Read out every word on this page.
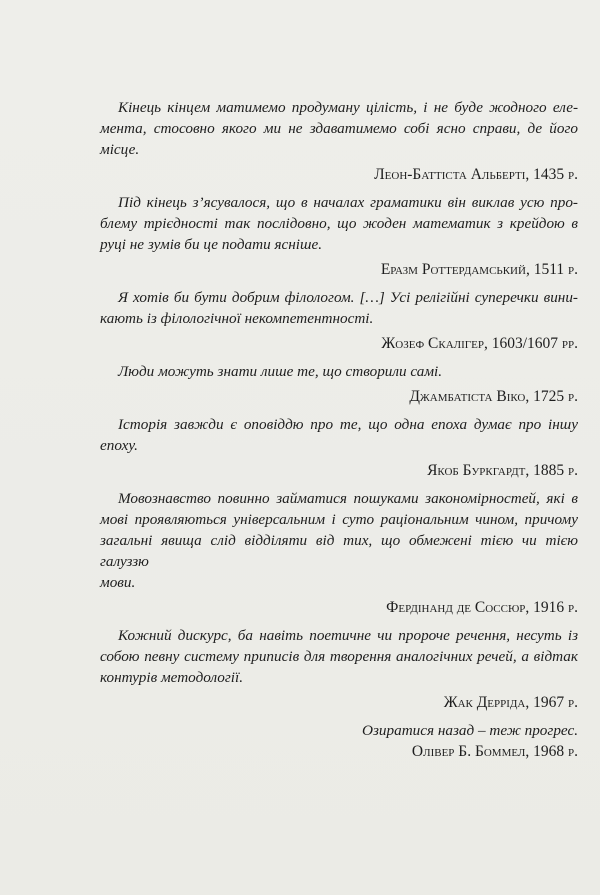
Кінець кінцем матимемо продуману цілість, і не буде жодного еле-
мента, стосовно якого ми не здаватимемо собі ясно справи, де його
місце.
Леон-Баттіста Альберті, 1435 р.
Під кінець з’ясувалося, що в началах граматики він виклав усю про-
блему трієдності так послідовно, що жоден математик з крейдою в
руці не зумів би це подати ясніше.
Еразм Роттердамський, 1511 р.
Я хотів би бути добрим філологом. […] Усі релігійні суперечки вини-
кають із філологічної некомпетентності.
Жозеф Скалігер, 1603/1607 рр.
Люди можуть знати лише те, що створили самі.
Джамбатіста Віко, 1725 р.
Історія завжди є оповіддю про те, що одна епоха думає про іншу
епоху.
Якоб Буркгардт, 1885 р.
Мовознавство повинно займатися пошуками закономірностей, які в
мові проявляються універсальним і суто раціональним чином, причому
загальні явища слід відділяти від тих, що обмежені тією чи тією галуззю
мови.
Фердінанд де Соссюр, 1916 р.
Кожний дискурс, ба навіть поетичне чи пророче речення, несуть із
собою певну систему приписів для творення аналогічних речей, а відтак
контурів методології.
Жак Дерріда, 1967 р.
Озиратися назад – теж прогрес.
Олівер Б. Боммел, 1968 р.
